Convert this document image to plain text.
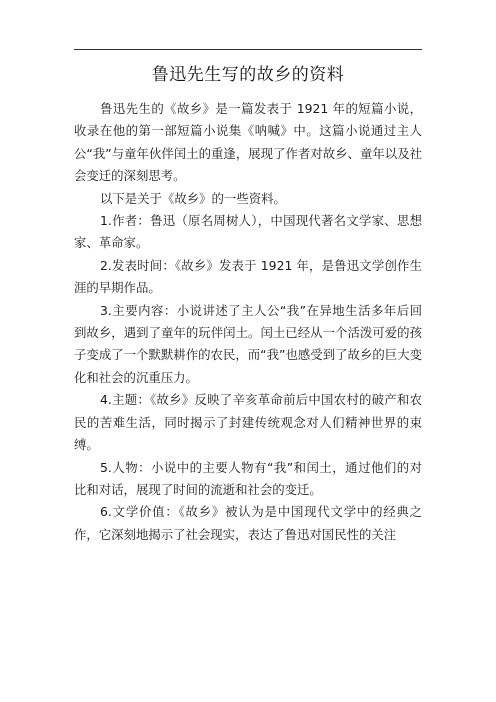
鲁迅先生写的故乡的资料

鲁迅先生的《故乡》是一篇发表于 1921 年的短篇小说，收录在他的第一部短篇小说集《呐喊》中。这篇小说通过主人公“我”与童年伙伴闰土的重逢，展现了作者对故乡、童年以及社会变迁的深刻思考。

以下是关于《故乡》的一些资料。

1.作者：鲁迅（原名周树人），中国现代著名文学家、思想家、革命家。

2.发表时间：《故乡》发表于 1921 年，是鲁迅文学创作生涯的早期作品。

3.主要内容：小说讲述了主人公“我”在异地生活多年后回到故乡，遇到了童年的玩伴闰土。闰土已经从一个活泼可爱的孩子变成了一个默默耕作的农民，而“我”也感受到了故乡的巨大变化和社会的沉重压力。

4.主题：《故乡》反映了辛亥革命前后中国农村的破产和农民的苦难生活，同时揭示了封建传统观念对人们精神世界的束缚。

5.人物：小说中的主要人物有“我”和闰土，通过他们的对比和对话，展现了时间的流逝和社会的变迁。

6.文学价值：《故乡》被认为是中国现代文学中的经典之作，它深刻地揭示了社会现实，表达了鲁迅对国民性的关注
